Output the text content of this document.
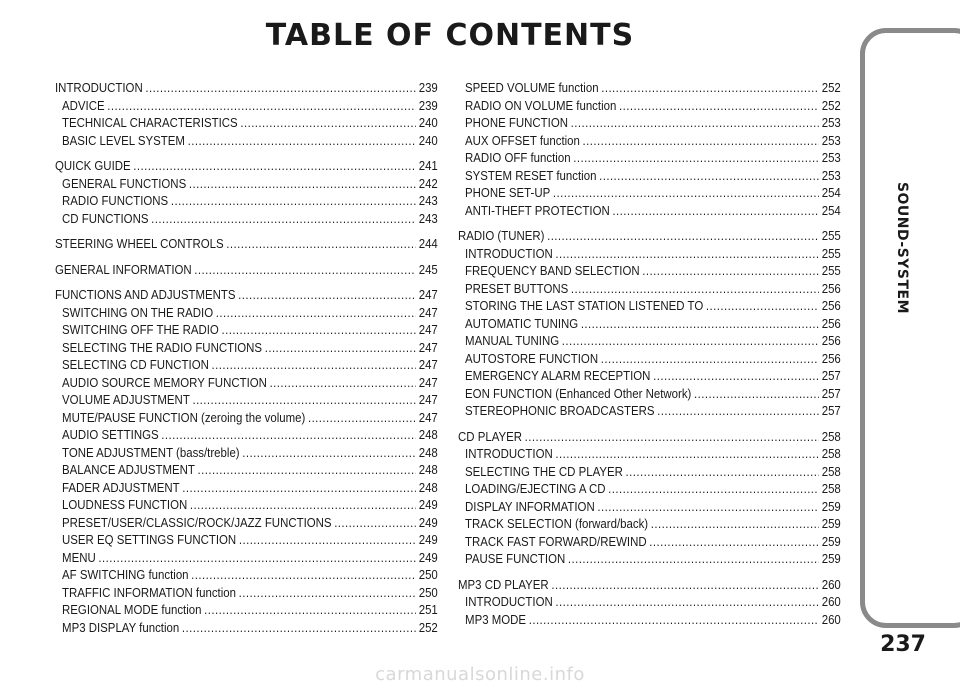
TABLE OF CONTENTS
INTRODUCTION .....	239
ADVICE .....	239
TECHNICAL CHARACTERISTICS .....	240
BASIC LEVEL SYSTEM .....	240
QUICK GUIDE .....	241
GENERAL FUNCTIONS .....	242
RADIO FUNCTIONS .....	243
CD FUNCTIONS .....	243
STEERING WHEEL CONTROLS .....	244
GENERAL INFORMATION .....	245
FUNCTIONS AND ADJUSTMENTS .....	247
SWITCHING ON THE RADIO .....	247
SWITCHING OFF THE RADIO .....	247
SELECTING THE RADIO FUNCTIONS .....	247
SELECTING CD FUNCTION .....	247
AUDIO SOURCE MEMORY FUNCTION .....	247
VOLUME ADJUSTMENT .....	247
MUTE/PAUSE FUNCTION (zeroing the volume) .....	247
AUDIO SETTINGS .....	248
TONE ADJUSTMENT (bass/treble) .....	248
BALANCE ADJUSTMENT .....	248
FADER ADJUSTMENT .....	248
LOUDNESS FUNCTION .....	249
PRESET/USER/CLASSIC/ROCK/JAZZ FUNCTIONS .....	249
USER EQ SETTINGS FUNCTION .....	249
MENU .....	249
AF SWITCHING function .....	250
TRAFFIC INFORMATION function .....	250
REGIONAL MODE function .....	251
MP3 DISPLAY function .....	252
SPEED VOLUME function .....	252
RADIO ON VOLUME function .....	252
PHONE FUNCTION .....	253
AUX OFFSET function .....	253
RADIO OFF function .....	253
SYSTEM RESET function .....	253
PHONE SET-UP .....	254
ANTI-THEFT PROTECTION .....	254
RADIO (TUNER) .....	255
INTRODUCTION .....	255
FREQUENCY BAND SELECTION .....	255
PRESET BUTTONS .....	256
STORING THE LAST STATION LISTENED TO .....	256
AUTOMATIC TUNING .....	256
MANUAL TUNING .....	256
AUTOSTORE FUNCTION .....	256
EMERGENCY ALARM RECEPTION .....	257
EON FUNCTION (Enhanced Other Network) .....	257
STEREOPHONIC BROADCASTERS .....	257
CD PLAYER .....	258
INTRODUCTION .....	258
SELECTING THE CD PLAYER .....	258
LOADING/EJECTING A CD .....	258
DISPLAY INFORMATION .....	259
TRACK SELECTION (forward/back) .....	259
TRACK FAST FORWARD/REWIND .....	259
PAUSE FUNCTION .....	259
MP3 CD PLAYER .....	260
INTRODUCTION .....	260
MP3 MODE .....	260
SOUND-SYSTEM
237
carmanualsonline.info
